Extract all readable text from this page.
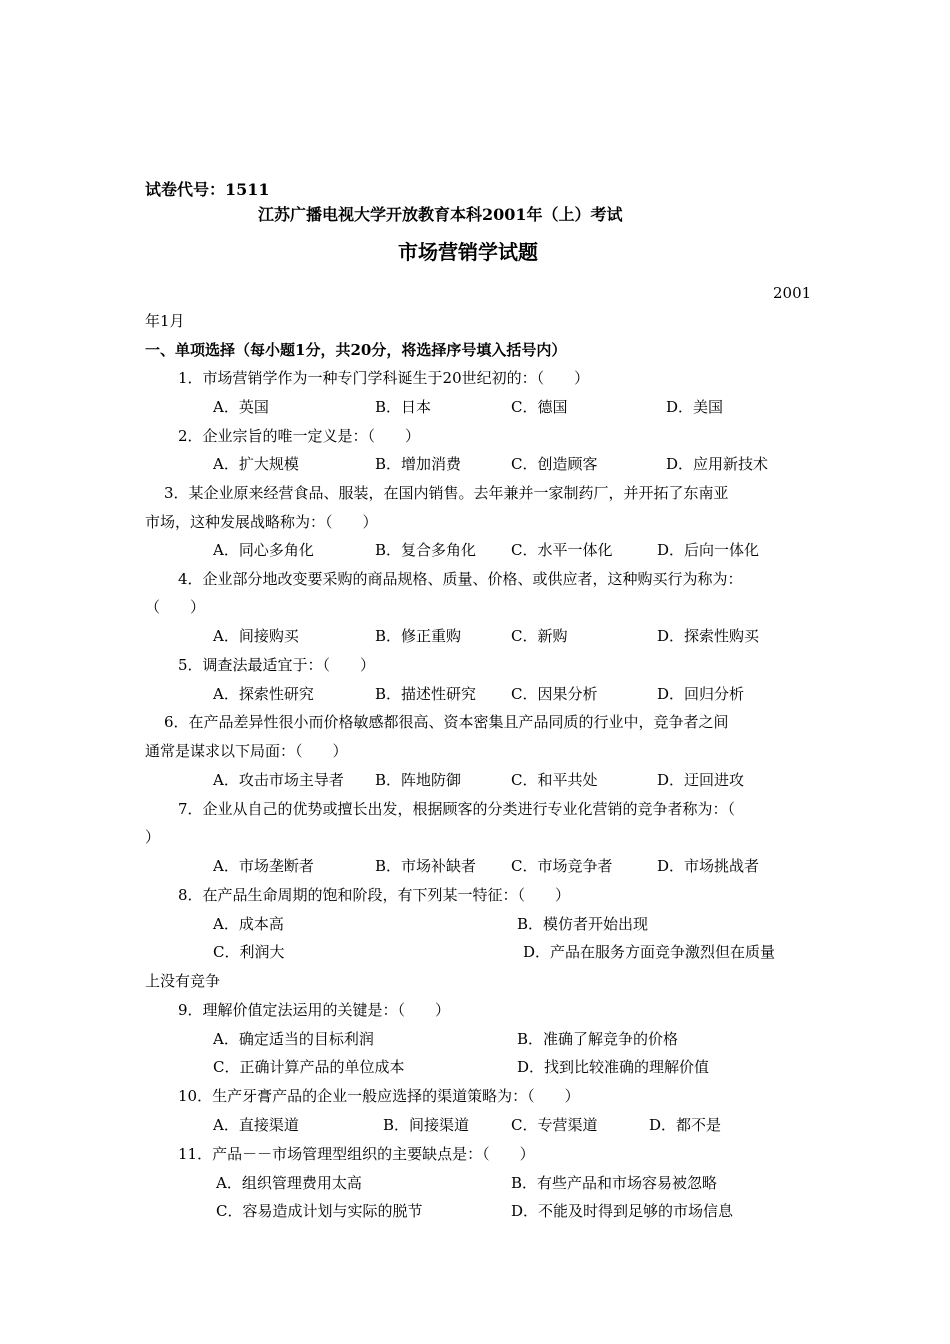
试卷代号：1511
江苏广播电视大学开放教育本科2001年（上）考试
市场营销学试题
2001
年1月
一、单项选择（每小题1分，共20分，将选择序号填入括号内）
1．市场营销学作为一种专门学科诞生于20世纪初的：（　　）
A．英国	B．日本	C．德国	D．美国
2．企业宗旨的唯一定义是：（　　）
A．扩大规模	B．增加消费	C．创造顾客	D．应用新技术
3．某企业原来经营食品、服装，在国内销售。去年兼并一家制药厂，并开拓了东南亚
市场，这种发展战略称为：（　　）
A．同心多角化	B．复合多角化 C．水平一体化	D．后向一体化
4．企业部分地改变要采购的商品规格、质量、价格、或供应者，这种购买行为称为：
（　　）
A．间接购买	B．修正重购	C．新购	D．探索性购买
5．调查法最适宜于：（　　）
A．探索性研究	B．描述性研究 C．因果分析	D．回归分析
6．在产品差异性很小而价格敏感都很高、资本密集且产品同质的行业中，竞争者之间
通常是谋求以下局面：（　　）
A．攻击市场主导者 B．阵地防御	C．和平共处	D．迂回进攻
7．企业从自己的优势或擅长出发，根据顾客的分类进行专业化营销的竞争者称为：（
）
A．市场垄断者	B．市场补缺者 C．市场竞争者	D．市场挑战者
8．在产品生命周期的饱和阶段，有下列某一特征：（　　）
A．成本高	B．模仿者开始出现
C．利润大	D．产品在服务方面竞争激烈但在质量
上没有竞争
9．理解价值定法运用的关键是：（　　）
A．确定适当的目标利润	B．准确了解竞争的价格
C．正确计算产品的单位成本	D．找到比较准确的理解价值
10．生产牙膏产品的企业一般应选择的渠道策略为：（　　）
A．直接渠道	B．间接渠道	C．专营渠道	D．都不是
11．产品－－市场管理型组织的主要缺点是：（　　）
A．组织管理费用太高	B．有些产品和市场容易被忽略
C．容易造成计划与实际的脱节	D．不能及时得到足够的市场信息
